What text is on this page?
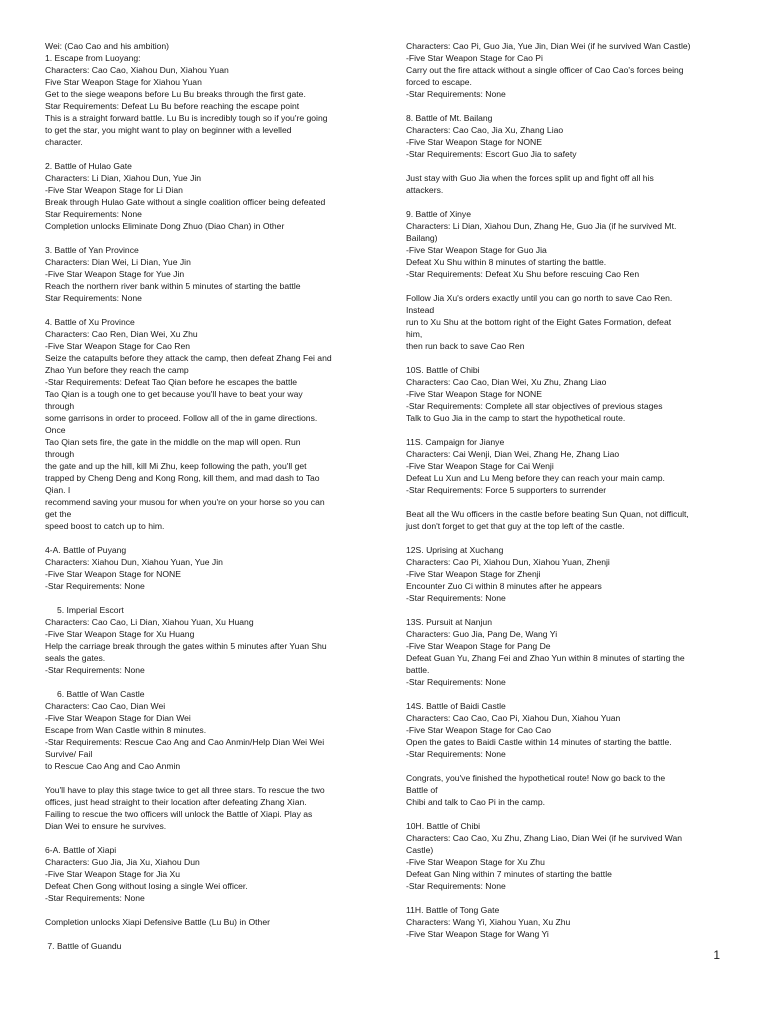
Wei: (Cao Cao and his ambition)

1. Escape from Luoyang:

Characters: Cao Cao, Xiahou Dun, Xiahou Yuan

Five Star Weapon Stage for Xiahou Yuan

Get to the siege weapons before Lu Bu breaks through the first gate.

Star Requirements: Defeat Lu Bu before reaching the escape point

This is a straight forward battle. Lu Bu is incredibly tough so if you're going

to get the star, you might want to play on beginner with a levelled

character.

2. Battle of Hulao Gate

Characters: Li Dian, Xiahou Dun, Yue Jin

-Five Star Weapon Stage for Li Dian

Break through Hulao Gate without a single coalition officer being defeated

Star Requirements: None

Completion unlocks Eliminate Dong Zhuo (Diao Chan) in Other

3. Battle of Yan Province

Characters: Dian Wei, Li Dian, Yue Jin

-Five Star Weapon Stage for Yue Jin

Reach the northern river bank within 5 minutes of starting the battle

Star Requirements: None

4. Battle of Xu Province

Characters: Cao Ren, Dian Wei, Xu Zhu

-Five Star Weapon Stage for Cao Ren

Seize the catapults before they attack the camp, then defeat Zhang Fei and

Zhao Yun before they reach the camp

-Star Requirements: Defeat Tao Qian before he escapes the battle

Tao Qian is a tough one to get because you'll have to beat your way

through

some garrisons in order to proceed. Follow all of the in game directions.

Once

Tao Qian sets fire, the gate in the middle on the map will open. Run

through

the gate and up the hill, kill Mi Zhu, keep following the path, you'll get

trapped by Cheng Deng and Kong Rong, kill them, and mad dash to Tao

Qian. I

recommend saving your musou for when you're on your horse so you can

get the

speed boost to catch up to him.

4-A. Battle of Puyang

Characters: Xiahou Dun, Xiahou Yuan, Yue Jin

-Five Star Weapon Stage for NONE

-Star Requirements: None

5. Imperial Escort

Characters: Cao Cao, Li Dian, Xiahou Yuan, Xu Huang

-Five Star Weapon Stage for Xu Huang

Help the carriage break through the gates within 5 minutes after Yuan Shu

seals the gates.

-Star Requirements: None

6. Battle of Wan Castle

Characters: Cao Cao, Dian Wei

-Five Star Weapon Stage for Dian Wei

Escape from Wan Castle within 8 minutes.

-Star Requirements: Rescue Cao Ang and Cao Anmin/Help Dian Wei Wei

Survive/ Fail

to Rescue Cao Ang and Cao Anmin

You'll have to play this stage twice to get all three stars. To rescue the two

offices, just head straight to their location after defeating Zhang Xian.

Failing to rescue the two officers will unlock the Battle of Xiapi. Play as

Dian Wei to ensure he survives.

6-A. Battle of Xiapi

Characters: Guo Jia, Jia Xu, Xiahou Dun

-Five Star Weapon Stage for Jia Xu

Defeat Chen Gong without losing a single Wei officer.

-Star Requirements: None

Completion unlocks Xiapi Defensive Battle (Lu Bu) in Other

7. Battle of Guandu

Characters: Cao Pi, Guo Jia, Yue Jin, Dian Wei (if he survived Wan Castle)

-Five Star Weapon Stage for Cao Pi

Carry out the fire attack without a single officer of Cao Cao's forces being

forced to escape.

-Star Requirements: None

8. Battle of Mt. Bailang

Characters: Cao Cao, Jia Xu, Zhang Liao

-Five Star Weapon Stage for NONE

-Star Requirements: Escort Guo Jia to safety

Just stay with Guo Jia when the forces split up and fight off all his

attackers.

9. Battle of Xinye

Characters: Li Dian, Xiahou Dun, Zhang He, Guo Jia (if he survived Mt.

Bailang)

-Five Star Weapon Stage for Guo Jia

Defeat Xu Shu within 8 minutes of starting the battle.

-Star Requirements: Defeat Xu Shu before rescuing Cao Ren

Follow Jia Xu's orders exactly until you can go north to save Cao Ren.

Instead

run to Xu Shu at the bottom right of the Eight Gates Formation, defeat

him,

then run back to save Cao Ren

10S. Battle of Chibi

Characters: Cao Cao, Dian Wei, Xu Zhu, Zhang Liao

-Five Star Weapon Stage for NONE

-Star Requirements: Complete all star objectives of previous stages

Talk to Guo Jia in the camp to start the hypothetical route.

11S. Campaign for Jianye

Characters: Cai Wenji, Dian Wei, Zhang He, Zhang Liao

-Five Star Weapon Stage for Cai Wenji

Defeat Lu Xun and Lu Meng before they can reach your main camp.

-Star Requirements: Force 5 supporters to surrender

Beat all the Wu officers in the castle before beating Sun Quan, not difficult,

just don't forget to get that guy at the top left of the castle.

12S. Uprising at Xuchang

Characters: Cao Pi, Xiahou Dun, Xiahou Yuan, Zhenji

-Five Star Weapon Stage for Zhenji

Encounter Zuo Ci within 8 minutes after he appears

-Star Requirements: None

13S. Pursuit at Nanjun

Characters: Guo Jia, Pang De, Wang Yi

-Five Star Weapon Stage for Pang De

Defeat Guan Yu, Zhang Fei and Zhao Yun within 8 minutes of starting the

battle.

-Star Requirements: None

14S. Battle of Baidi Castle

Characters: Cao Cao, Cao Pi, Xiahou Dun, Xiahou Yuan

-Five Star Weapon Stage for Cao Cao

Open the gates to Baidi Castle within 14 minutes of starting the battle.

-Star Requirements: None

Congrats, you've finished the hypothetical route! Now go back to the

Battle of

Chibi and talk to Cao Pi in the camp.

10H. Battle of Chibi

Characters: Cao Cao, Xu Zhu, Zhang Liao, Dian Wei (if he survived Wan

Castle)

-Five Star Weapon Stage for Xu Zhu

Defeat Gan Ning within 7 minutes of starting the battle

-Star Requirements: None

11H. Battle of Tong Gate

Characters: Wang Yi, Xiahou Yuan, Xu Zhu

-Five Star Weapon Stage for Wang Yi

1
